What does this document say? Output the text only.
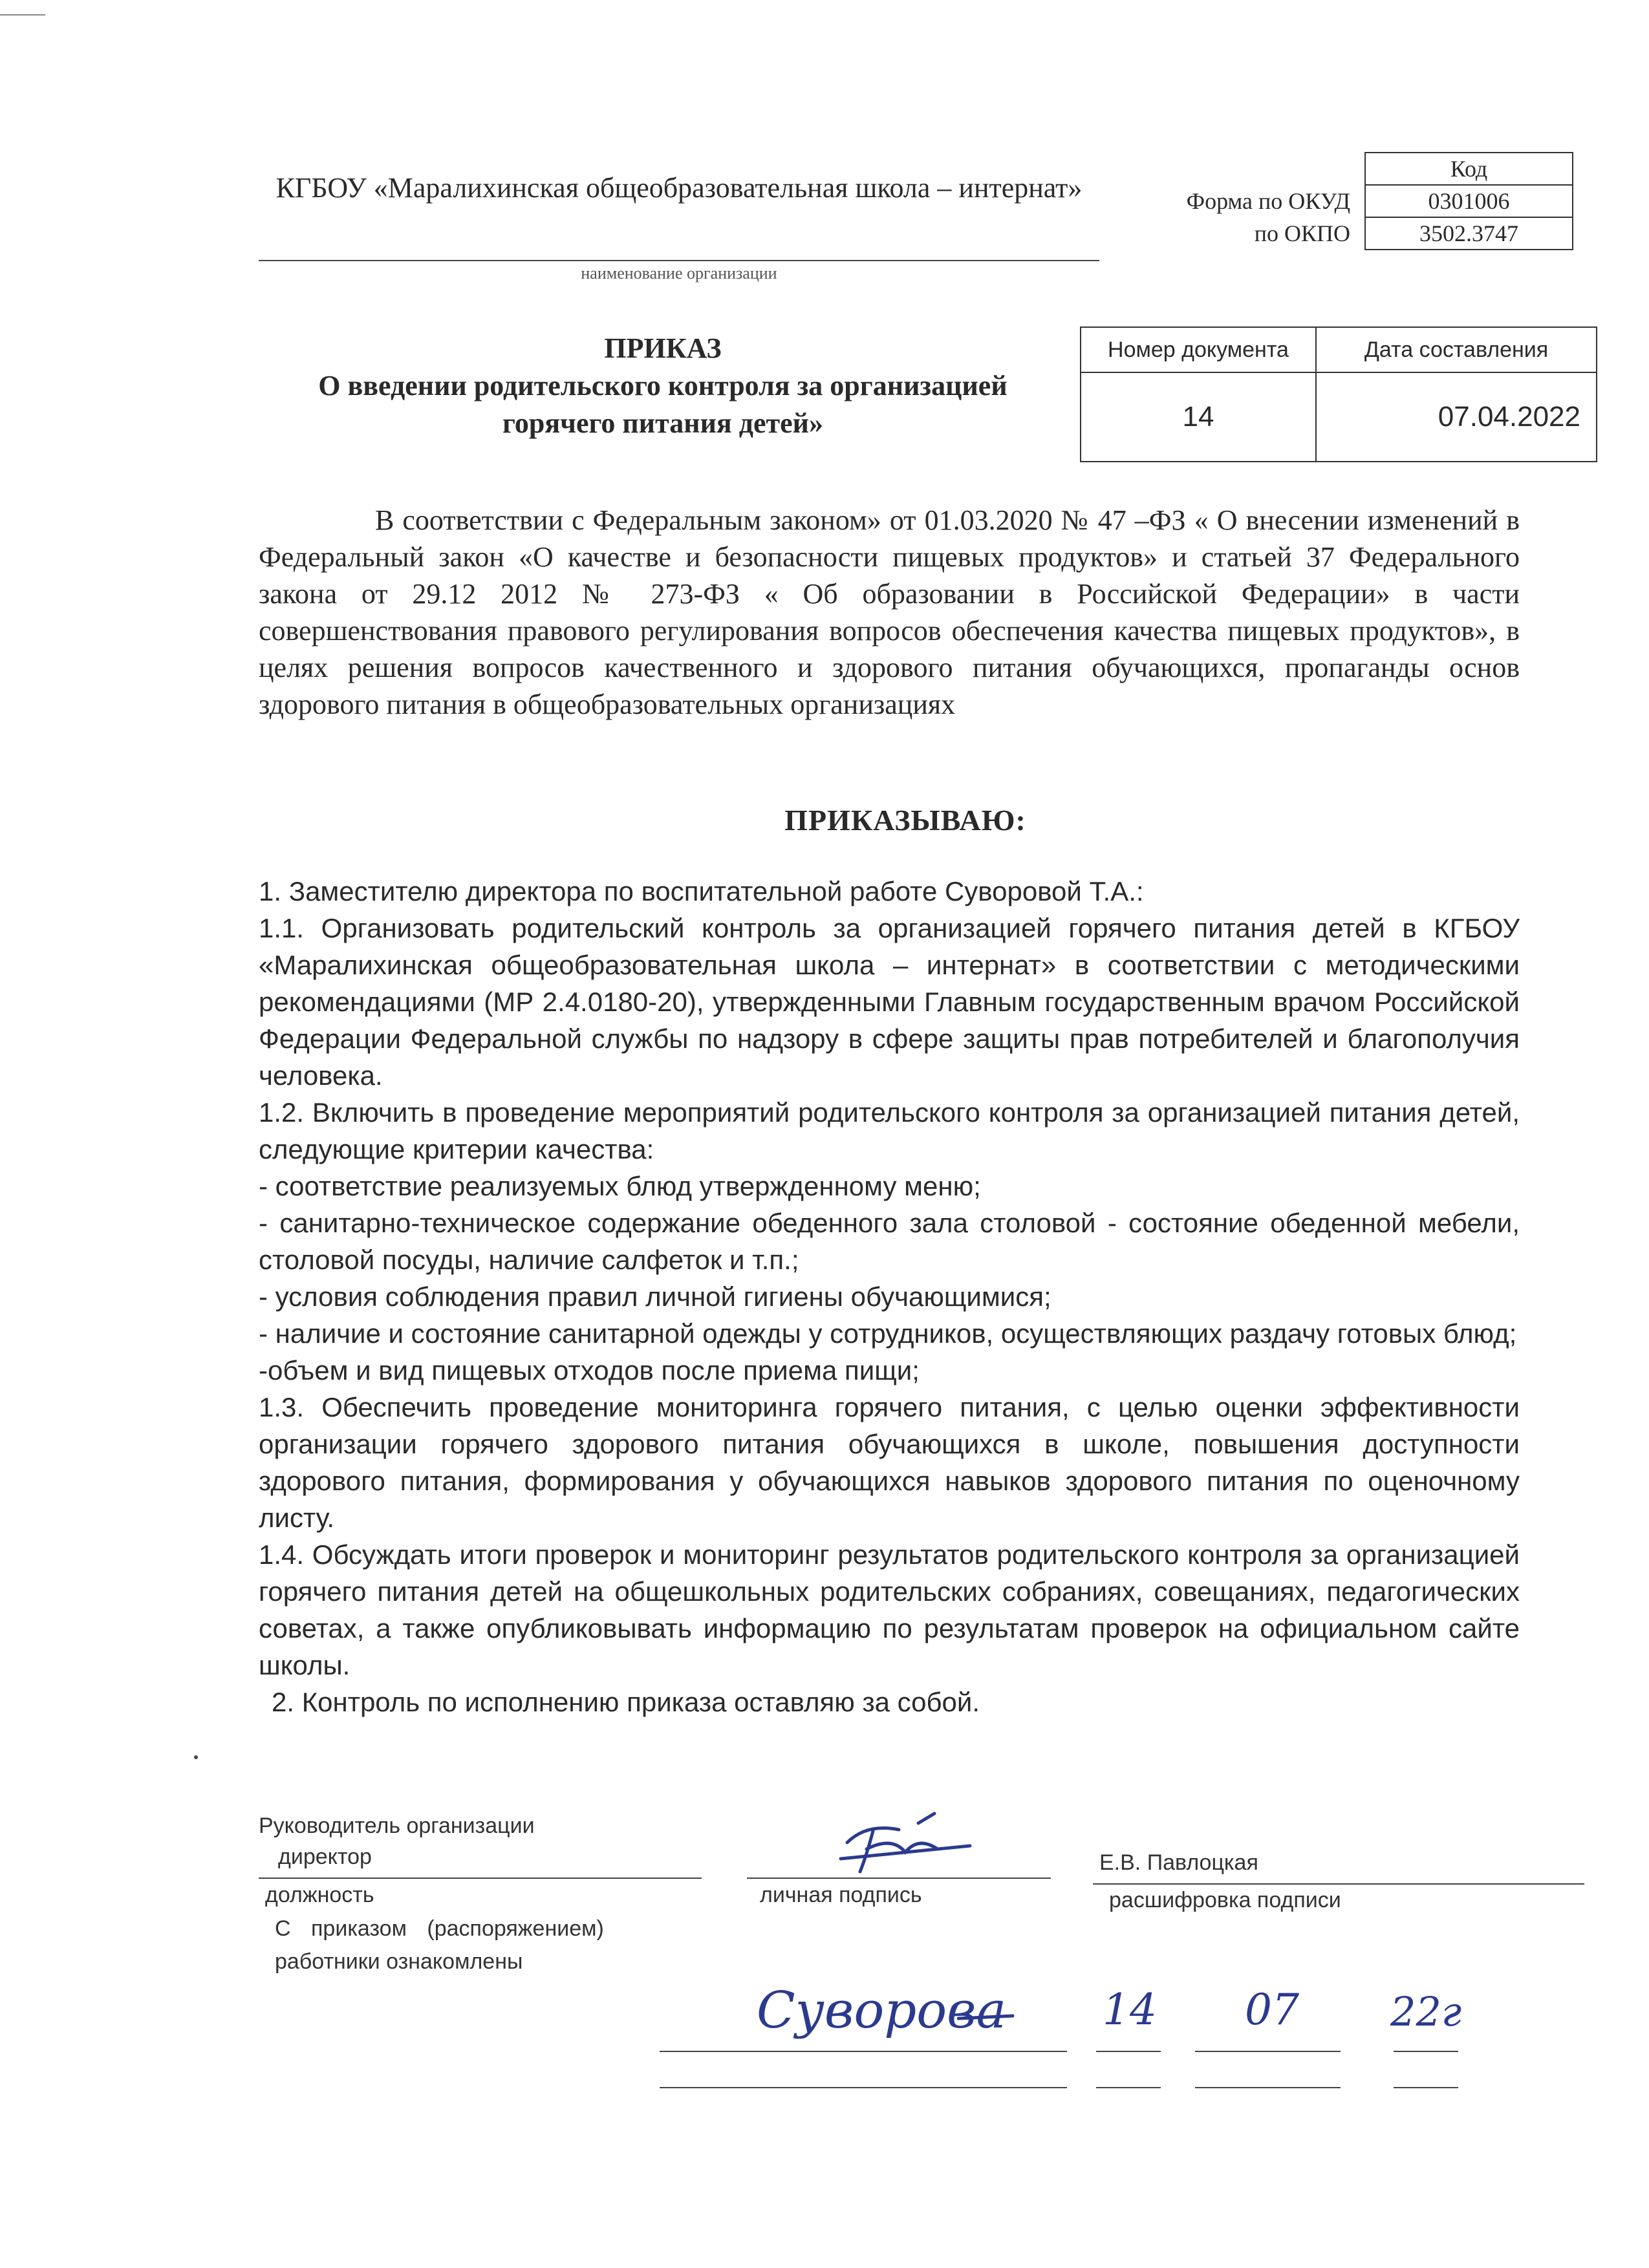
КГБОУ «Маралихинская общеобразовательная школа – интернат»
наименование организации
	Код
Форма по ОКУД	0301006
по ОКПО	3502.3747
ПРИКАЗ
О введении родительского контроля за организацией горячего питания детей»
Номер документа	Дата составления
14	07.04.2022
В соответствии с Федеральным законом» от 01.03.2020 № 47 –ФЗ « О внесении изменений в Федеральный закон «О качестве и безопасности пищевых продуктов» и статьей 37 Федерального закона от 29.12 2012 № 273-ФЗ « Об образовании в Российской Федерации» в части совершенствования правового регулирования вопросов обеспечения качества пищевых продуктов», в целях решения вопросов качественного и здорового питания обучающихся, пропаганды основ здорового питания в общеобразовательных организациях
ПРИКАЗЫВАЮ:

1. Заместителю директора по воспитательной работе Суворовой Т.А.:

1.1. Организовать родительский контроль за организацией горячего питания детей в КГБОУ «Маралихинская общеобразовательная школа – интернат» в соответствии с методическими рекомендациями (МР 2.4.0180-20), утвержденными Главным государственным врачом Российской Федерации Федеральной службы по надзору в сфере защиты прав потребителей и благополучия человека.

1.2. Включить в проведение мероприятий родительского контроля за организацией питания детей, следующие критерии качества:

- соответствие реализуемых блюд утвержденному меню;

- санитарно-техническое содержание обеденного зала столовой - состояние обеденной мебели, столовой посуды, наличие салфеток и т.п.;

- условия соблюдения правил личной гигиены обучающимися;

- наличие и состояние санитарной одежды у сотрудников, осуществляющих раздачу готовых блюд;

-объем и вид пищевых отходов после приема пищи;

1.3. Обеспечить проведение мониторинга горячего питания, с целью оценки эффективности организации горячего здорового питания обучающихся в школе, повышения доступности здорового питания, формирования у обучающихся навыков здорового питания по оценочному листу.

1.4. Обсуждать итоги проверок и мониторинг результатов родительского контроля за организацией горячего питания детей на общешкольных родительских собраниях, совещаниях, педагогических советах, а также опубликовывать информацию по результатам проверок на официальном сайте школы.

2. Контроль по исполнению приказа оставляю за собой.

Руководитель организации
директор
должность	личная подпись
Е.В. Павлоцкая
расшифровка подписи
С приказом (распоряжением)
работники ознакомлены
Суворова 14 07 22г
